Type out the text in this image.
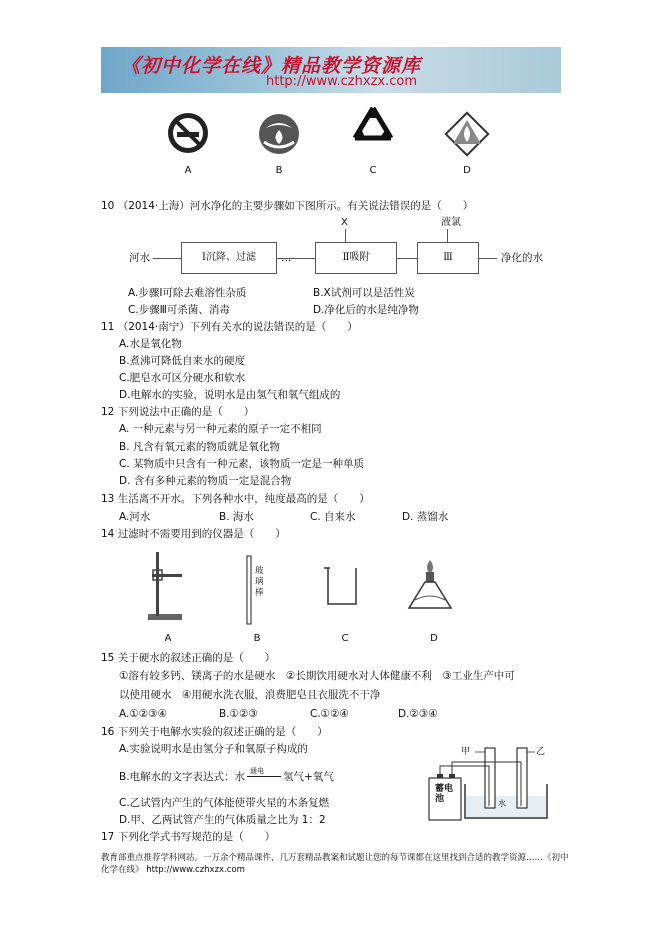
《初中化学在线》精品教学资源库
http://www.czhxzx.com
A	B	C	D
10 （2014·上海）河水净化的主要步骤如下图所示。有关说法错误的是（　　）
河水	Ⅰ沉降、过滤	…	Ⅱ吸附
X
Ⅲ
液氯
净化的水
A.步骤Ⅰ可除去难溶性杂质	B.X试剂可以是活性炭
C.步骤Ⅲ可杀菌、消毒	D.净化后的水是纯净物
11 （2014·南宁）下列有关水的说法错误的是（　　）
A.水是氧化物
B.煮沸可降低自来水的硬度
C.肥皂水可区分硬水和软水
D.电解水的实验，说明水是由氢气和氧气组成的
12 下列说法中正确的是（　　）
A. 一种元素与另一种元素的原子一定不相同
B. 凡含有氧元素的物质就是氧化物
C. 某物质中只含有一种元素，该物质一定是一种单质
D. 含有多种元素的物质一定是混合物
13 生活离不开水。下列各种水中，纯度最高的是（　　）
A.河水	B. 海水	C. 自来水	D. 蒸馏水
14 过滤时不需要用到的仪器是（　　）
玻璃棒
A	B	C	D
15 关于硬水的叙述正确的是（　　）
①溶有较多钙、镁离子的水是硬水　②长期饮用硬水对人体健康不利　③工业生产中可
以使用硬水　④用硬水洗衣服，浪费肥皂且衣服洗不干净
A.①②③④	B.①②③	C.①②④	D.②③④
16 下列关于电解水实验的叙述正确的是（　　）
A.实验说明水是由氢分子和氧原子构成的
B.电解水的文字表达式：水 通电 氢气+氧气
C.乙试管内产生的气体能使带火星的木条复燃
D.甲、乙两试管产生的气体质量之比为 1：2
甲	乙
蓄电池	水
17 下列化学式书写规范的是（　　）
教育部重点推荐学科网站。一万余个精品课件，几万套精品教案和试题让您的每节课都在这里找到合适的教学资源……《初中化学在线》 http://www.czhxzx.com
